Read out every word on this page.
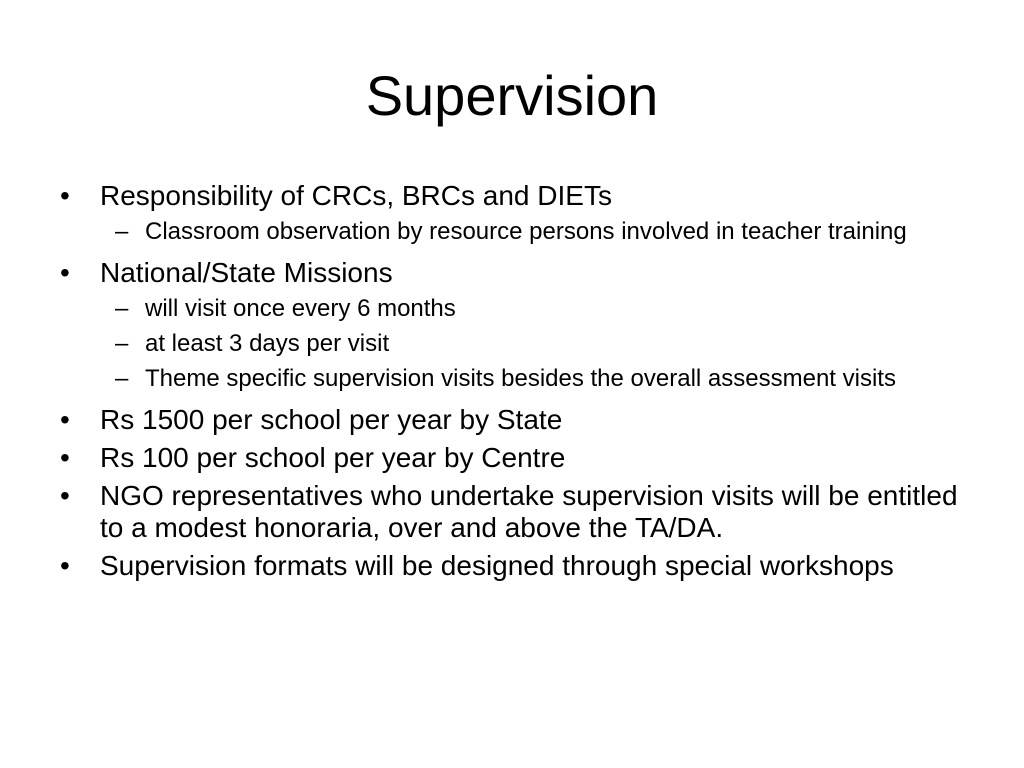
Supervision
•	Responsibility of CRCs, BRCs and DIETs
– Classroom observation by resource persons involved in teacher training
•	National/State Missions
– will visit once every 6 months
– at least 3 days per visit
– Theme specific supervision visits besides the overall assessment visits
•	Rs 1500 per school per year by State
•	Rs 100 per school per year by Centre
•	NGO representatives who undertake supervision visits will be entitled to a modest honoraria, over and above the TA/DA.
•	Supervision formats will be designed through special workshops
